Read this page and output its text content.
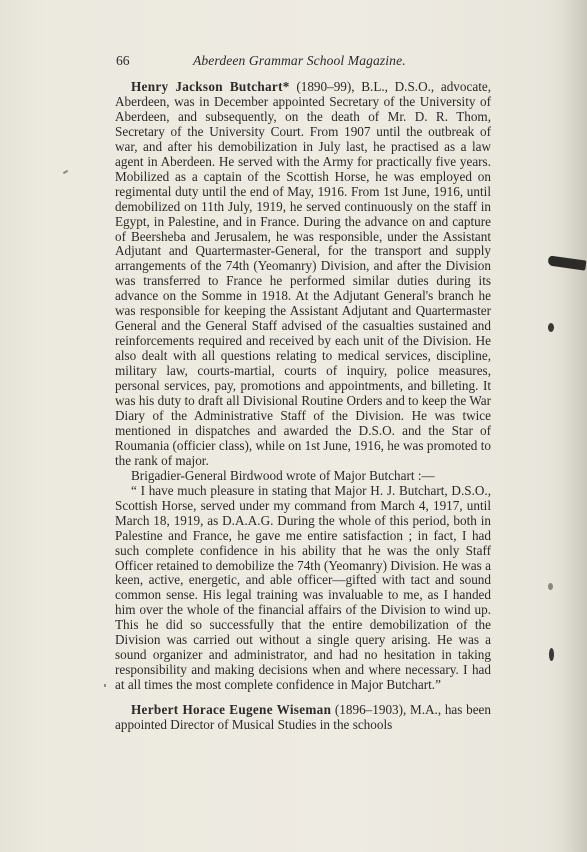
66	Aberdeen Grammar School Magazine.

Henry Jackson Butchart* (1890–99), B.L., D.S.O., advocate, Aberdeen, was in December appointed Secretary of the University of Aberdeen, and subsequently, on the death of Mr. D. R. Thom, Secretary of the University Court. From 1907 until the outbreak of war, and after his demobilization in July last, he practised as a law agent in Aberdeen. He served with the Army for practically five years. Mobilized as a captain of the Scottish Horse, he was employed on regimental duty until the end of May, 1916. From 1st June, 1916, until demobilized on 11th July, 1919, he served continuously on the staff in Egypt, in Palestine, and in France. During the advance on and capture of Beersheba and Jerusalem, he was responsible, under the Assistant Adjutant and Quartermaster-General, for the transport and supply arrangements of the 74th (Yeomanry) Division, and after the Division was transferred to France he performed similar duties during its advance on the Somme in 1918. At the Adjutant General's branch he was responsible for keeping the Assistant Adjutant and Quartermaster General and the General Staff advised of the casualties sustained and reinforcements required and received by each unit of the Division. He also dealt with all questions relating to medical services, discipline, military law, courts-martial, courts of inquiry, police measures, personal services, pay, promotions and appointments, and billeting. It was his duty to draft all Divisional Routine Orders and to keep the War Diary of the Administrative Staff of the Division. He was twice mentioned in dispatches and awarded the D.S.O. and the Star of Roumania (officier class), while on 1st June, 1916, he was promoted to the rank of major.

Brigadier-General Birdwood wrote of Major Butchart :—

“ I have much pleasure in stating that Major H. J. Butchart, D.S.O., Scottish Horse, served under my command from March 4, 1917, until March 18, 1919, as D.A.A.G. During the whole of this period, both in Palestine and France, he gave me entire satisfaction ; in fact, I had such complete confidence in his ability that he was the only Staff Officer retained to demobilize the 74th (Yeomanry) Division. He was a keen, active, energetic, and able officer—gifted with tact and sound common sense. His legal training was invaluable to me, as I handed him over the whole of the financial affairs of the Division to wind up. This he did so successfully that the entire demobilization of the Division was carried out without a single query arising. He was a sound organizer and administrator, and had no hesitation in taking responsibility and making decisions when and where necessary. I had at all times the most complete confidence in Major Butchart.”

Herbert Horace Eugene Wiseman (1896–1903), M.A., has been appointed Director of Musical Studies in the schools
